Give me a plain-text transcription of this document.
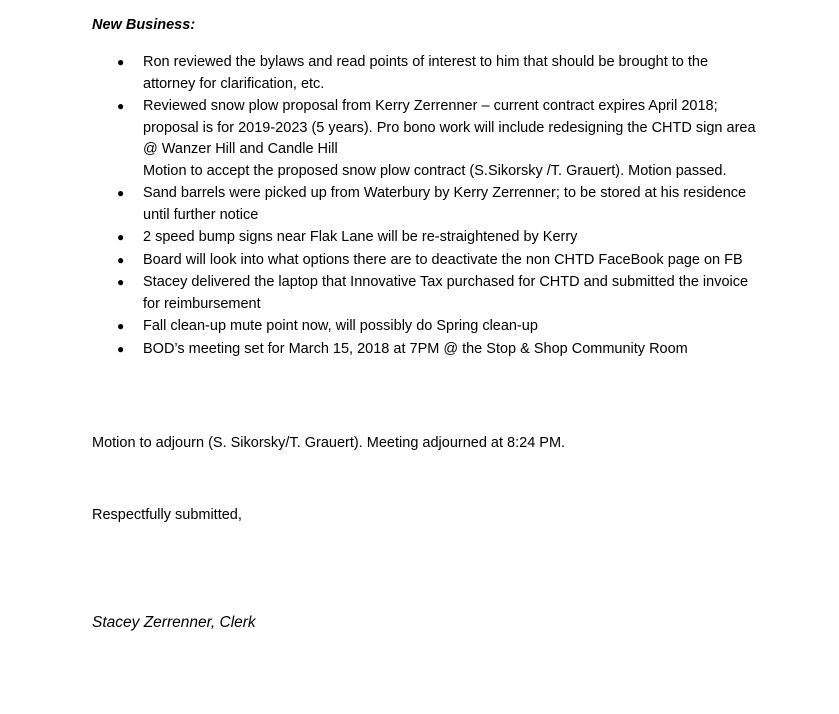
New Business:
● Ron reviewed the bylaws and read points of interest to him that should be brought to the
attorney for clarification, etc.
● Reviewed snow plow proposal from Kerry Zerrenner – current contract expires April 2018;
proposal is for 2019-2023 (5 years). Pro bono work will include redesigning the CHTD sign area
@ Wanzer Hill and Candle Hill
Motion to accept the proposed snow plow contract (S.Sikorsky /T. Grauert). Motion passed.
● Sand barrels were picked up from Waterbury by Kerry Zerrenner; to be stored at his residence
until further notice
● 2 speed bump signs near Flak Lane will be re-straightened by Kerry
● Board will look into what options there are to deactivate the non CHTD FaceBook page on FB
● Stacey delivered the laptop that Innovative Tax purchased for CHTD and submitted the invoice
for reimbursement
● Fall clean-up mute point now, will possibly do Spring clean-up
● BOD’s meeting set for March 15, 2018 at 7PM @ the Stop & Shop Community Room
Motion to adjourn (S. Sikorsky/T. Grauert). Meeting adjourned at 8:24 PM.
Respectfully submitted,
Stacey Zerrenner, Clerk
